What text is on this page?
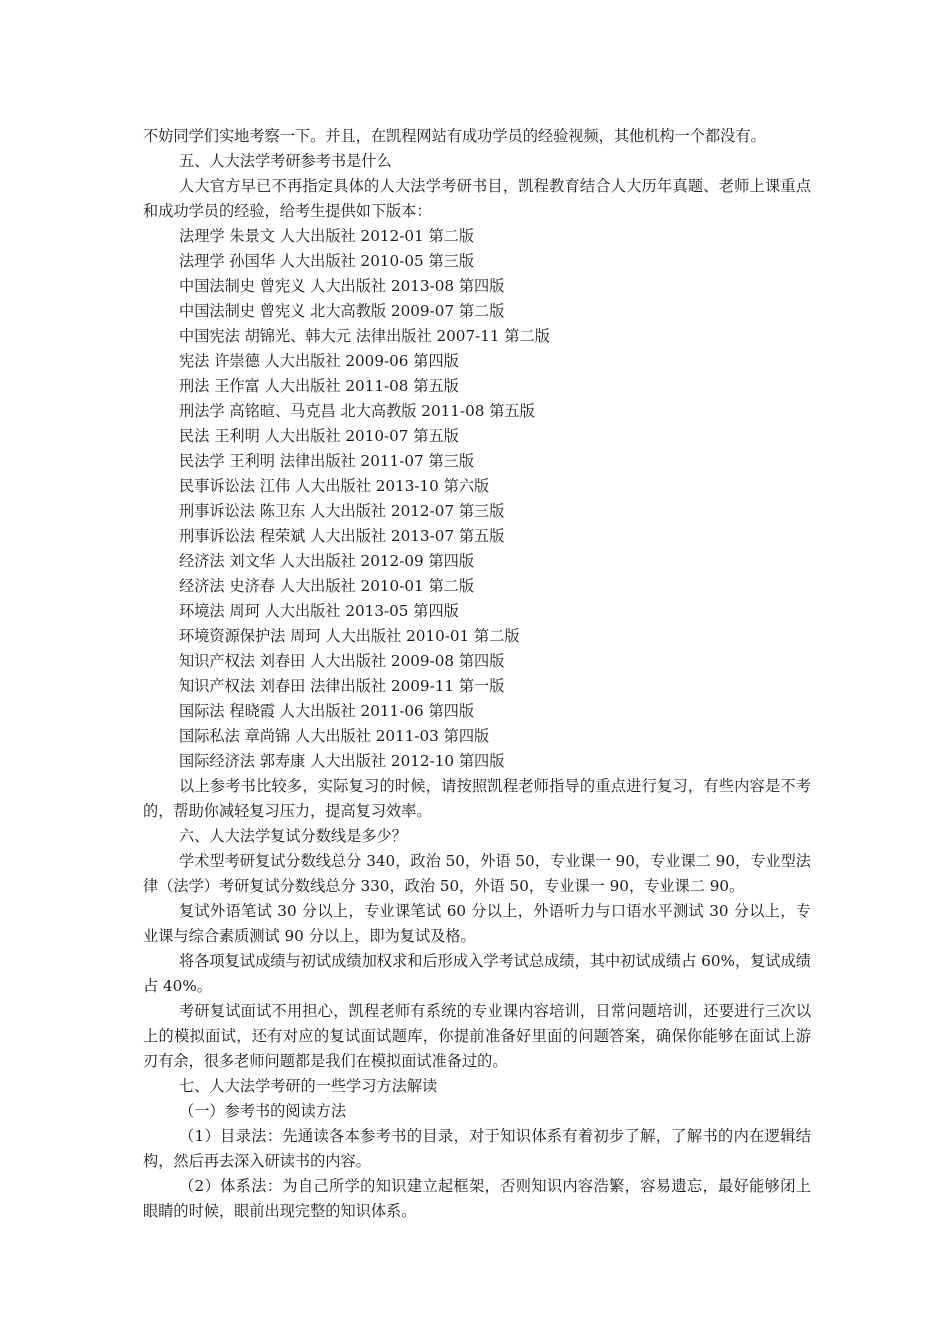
不妨同学们实地考察一下。并且，在凯程网站有成功学员的经验视频，其他机构一个都没有。

五、人大法学考研参考书是什么

人大官方早已不再指定具体的人大法学考研书目，凯程教育结合人大历年真题、老师上课重点和成功学员的经验，给考生提供如下版本：

法理学 朱景文 人大出版社 2012-01 第二版

法理学 孙国华 人大出版社 2010-05 第三版

中国法制史 曾宪义 人大出版社 2013-08 第四版

中国法制史 曾宪义 北大高教版 2009-07 第二版

中国宪法 胡锦光、韩大元 法律出版社 2007-11 第二版

宪法 许崇德 人大出版社 2009-06 第四版

刑法 王作富 人大出版社 2011-08 第五版

刑法学 高铭暄、马克昌 北大高教版 2011-08 第五版

民法 王利明 人大出版社 2010-07 第五版

民法学 王利明 法律出版社 2011-07 第三版

民事诉讼法 江伟 人大出版社 2013-10 第六版

刑事诉讼法 陈卫东 人大出版社 2012-07 第三版

刑事诉讼法 程荣斌 人大出版社 2013-07 第五版

经济法 刘文华 人大出版社 2012-09 第四版

经济法 史济春 人大出版社 2010-01 第二版

环境法 周珂 人大出版社 2013-05 第四版

环境资源保护法 周珂 人大出版社 2010-01 第二版

知识产权法 刘春田 人大出版社 2009-08 第四版

知识产权法 刘春田 法律出版社 2009-11 第一版

国际法 程晓霞 人大出版社 2011-06 第四版

国际私法 章尚锦 人大出版社 2011-03 第四版

国际经济法 郭寿康 人大出版社 2012-10 第四版

以上参考书比较多，实际复习的时候，请按照凯程老师指导的重点进行复习，有些内容是不考的，帮助你减轻复习压力，提高复习效率。

六、人大法学复试分数线是多少？

学术型考研复试分数线总分 340，政治 50，外语 50，专业课一 90，专业课二 90，专业型法律（法学）考研复试分数线总分 330，政治 50，外语 50，专业课一 90，专业课二 90。

复试外语笔试 30 分以上，专业课笔试 60 分以上，外语听力与口语水平测试 30 分以上，专业课与综合素质测试 90 分以上，即为复试及格。

将各项复试成绩与初试成绩加权求和后形成入学考试总成绩，其中初试成绩占 60%，复试成绩占 40%。

考研复试面试不用担心，凯程老师有系统的专业课内容培训，日常问题培训，还要进行三次以上的模拟面试，还有对应的复试面试题库，你提前准备好里面的问题答案，确保你能够在面试上游刃有余，很多老师问题都是我们在模拟面试准备过的。

七、人大法学考研的一些学习方法解读

（一）参考书的阅读方法

（1）目录法：先通读各本参考书的目录，对于知识体系有着初步了解，了解书的内在逻辑结构，然后再去深入研读书的内容。

（2）体系法：为自己所学的知识建立起框架，否则知识内容浩繁，容易遗忘，最好能够闭上眼睛的时候，眼前出现完整的知识体系。
